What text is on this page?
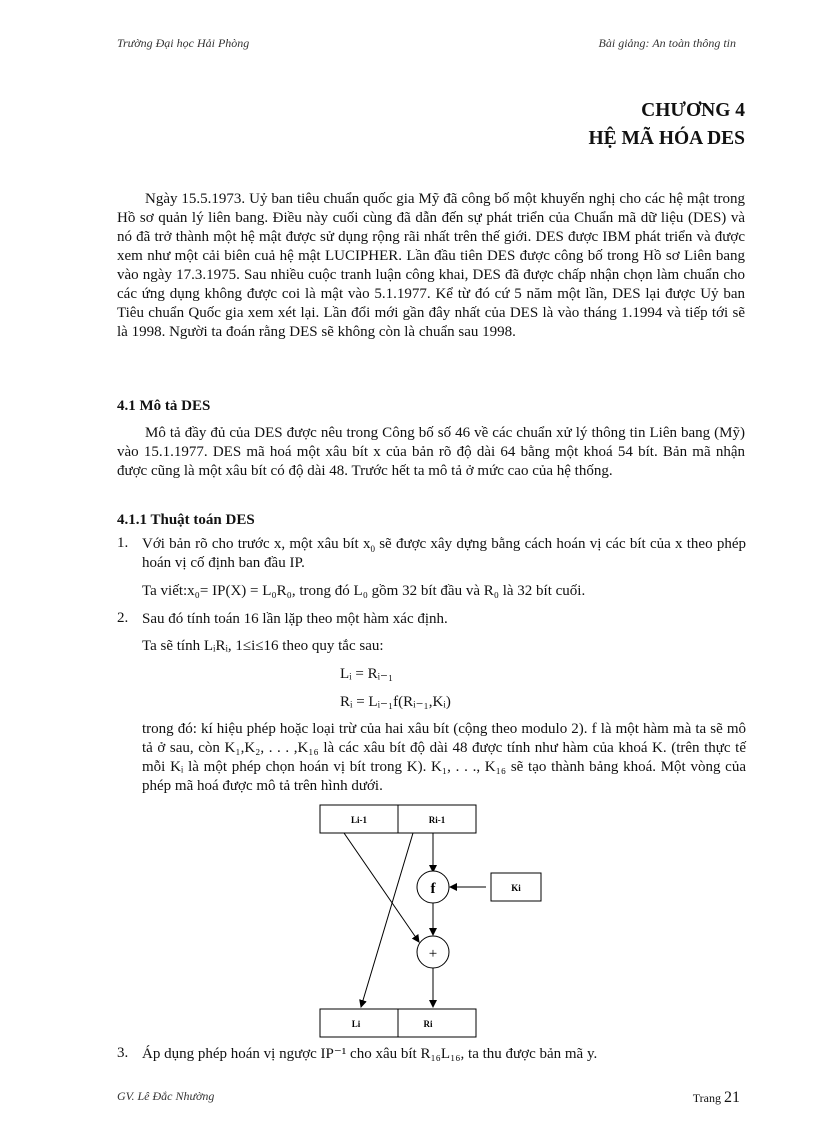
Trường Đại học Hải Phòng	Bài giảng: An toàn thông tin
CHƯƠNG 4
HỆ MÃ HÓA DES

Ngày 15.5.1973. Uỷ ban tiêu chuẩn quốc gia Mỹ đã công bố một khuyến nghị cho các hệ mật trong Hồ sơ quản lý liên bang. Điều này cuối cùng đã dẫn đến sự phát triển của Chuẩn mã dữ liệu (DES) và nó đã trở thành một hệ mật được sử dụng rộng rãi nhất trên thế giới. DES được IBM phát triển và được xem như một cải biên cuả hệ mật LUCIPHER. Lần đầu tiên DES được công bố trong Hồ sơ Liên bang vào ngày 17.3.1975. Sau nhiều cuộc tranh luận công khai, DES đã được chấp nhận chọn làm chuẩn cho các ứng dụng không được coi là mật vào 5.1.1977. Kể từ đó cứ 5 năm một lần, DES lại được Uỷ ban Tiêu chuẩn Quốc gia xem xét lại. Lần đổi mới gần đây nhất của DES là vào tháng 1.1994 và tiếp tới sẽ là 1998. Người ta đoán rằng DES sẽ không còn là chuẩn sau 1998.

4.1 Mô tả DES

Mô tả đầy đủ của DES được nêu trong Công bố số 46 về các chuẩn xử lý thông tin Liên bang (Mỹ) vào 15.1.1977. DES mã hoá một xâu bít x của bản rõ độ dài 64 bằng một khoá 54 bít. Bản mã nhận được cũng là một xâu bít có độ dài 48. Trước hết ta mô tả ở mức cao của hệ thống.

4.1.1 Thuật toán DES
1. Với bản rõ cho trước x, một xâu bít $x_0$ sẽ được xây dựng bằng cách hoán vị các bít của x theo phép hoán vị cố định ban đầu IP.

Ta viết:x₀= IP(X) = L₀R₀, trong đó L₀ gồm 32 bít đầu và R₀ là 32 bít cuối.

2. Sau đó tính toán 16 lần lặp theo một hàm xác định.

Ta sẽ tính LᵢRᵢ, 1≤i≤16 theo quy tắc sau:

Lᵢ = Rᵢ₋₁
Rᵢ = Lᵢ₋₁f(Rᵢ₋₁,Kᵢ)

trong đó: kí hiệu phép hoặc loại trừ của hai xâu bít (cộng theo modulo 2). f là một hàm mà ta sẽ mô tả ở sau, còn K₁,K₂, . . . ,K₁₆ là các xâu bít độ dài 48 được tính như hàm của khoá K. (trên thực tế mỗi Kᵢ là một phép chọn hoán vị bít trong K). K₁, . . ., K₁₆ sẽ tạo thành bảng khoá. Một vòng của phép mã hoá được mô tả trên hình dưới.

Li-1	Ri-1
f
+
Li	Ri
Ki
3. Áp dụng phép hoán vị ngược IP⁻¹ cho xâu bít R₁₆L₁₆, ta thu được bản mã y.

GV. Lê Đắc Nhường	Trang 21
